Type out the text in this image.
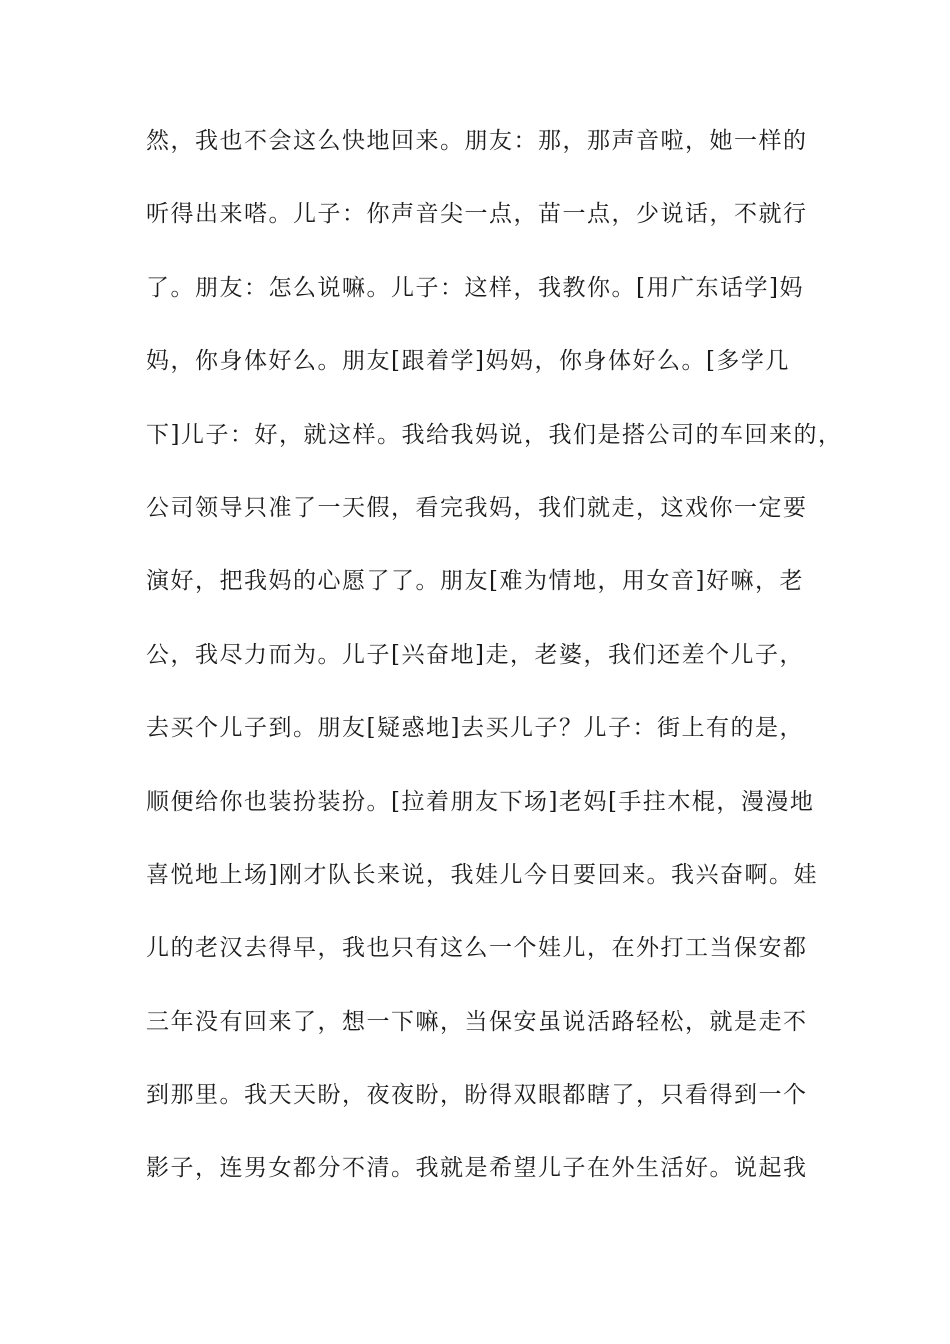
然，我也不会这么快地回来。朋友：那，那声音啦，她一样的
听得出来嗒。儿子：你声音尖一点，苗一点，少说话，不就行
了。朋友：怎么说嘛。儿子：这样，我教你。[用广东话学]妈
妈，你身体好么。朋友[跟着学]妈妈，你身体好么。[多学几
下]儿子：好，就这样。我给我妈说，我们是搭公司的车回来的，
公司领导只准了一天假，看完我妈，我们就走，这戏你一定要
演好，把我妈的心愿了了。朋友[难为情地，用女音]好嘛，老
公，我尽力而为。儿子[兴奋地]走，老婆，我们还差个儿子，
去买个儿子到。朋友[疑惑地]去买儿子？儿子：街上有的是，
顺便给你也装扮装扮。[拉着朋友下场]老妈[手拄木棍，漫漫地
喜悦地上场]刚才队长来说，我娃儿今日要回来。我兴奋啊。娃
儿的老汉去得早，我也只有这么一个娃儿，在外打工当保安都
三年没有回来了，想一下嘛，当保安虽说活路轻松，就是走不
到那里。我天天盼，夜夜盼，盼得双眼都瞎了，只看得到一个
影子，连男女都分不清。我就是希望儿子在外生活好。说起我
